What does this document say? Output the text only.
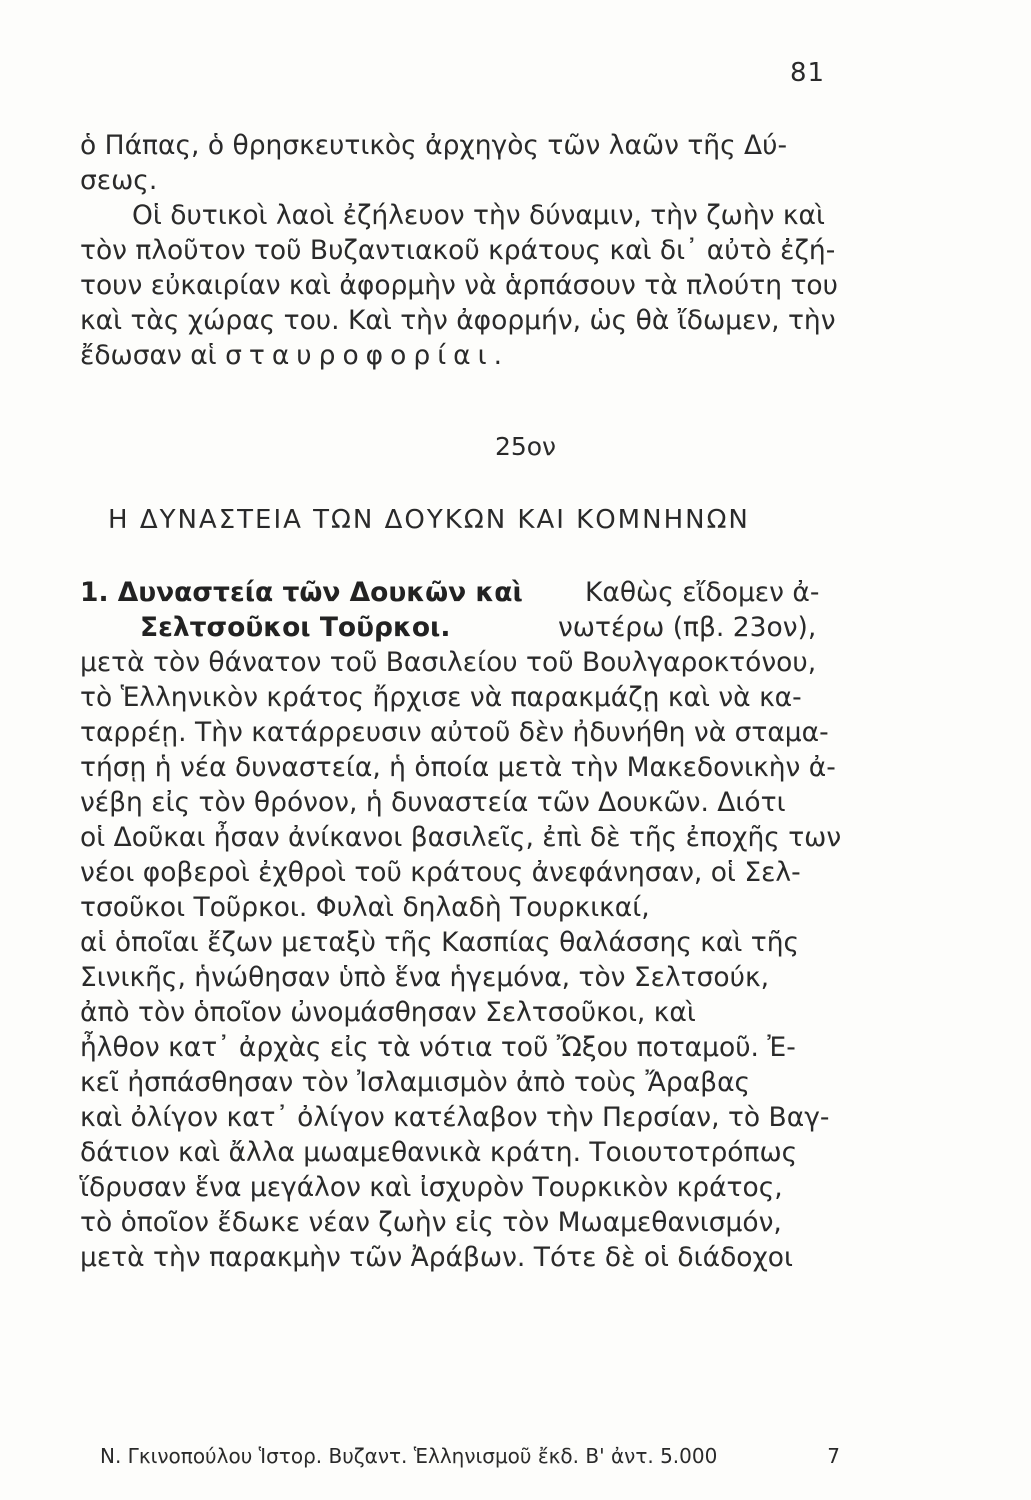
81
ὁ Πάπας, ὁ θρησκευτικὸς ἀρχηγὸς τῶν λαῶν τῆς Δύ-
σεως.
Οἱ δυτικοὶ λαοὶ ἐζήλευον τὴν δύναμιν, τὴν ζωὴν καὶ
τὸν πλοῦτον τοῦ Βυζαντιακοῦ κράτους καὶ δι᾽ αὐτὸ ἐζή-
τουν εὐκαιρίαν καὶ ἀφορμὴν νὰ ἁρπάσουν τὰ πλούτη του
καὶ τὰς χώρας του. Καὶ τὴν ἀφορμήν, ὡς θὰ ἴδωμεν, τὴν
ἔδωσαν αἱ σταυροφορίαι.
25ον
Η ΔΥΝΑΣΤΕΙΑ ΤΩΝ ΔΟΥΚΩΝ ΚΑΙ ΚΟΜΝΗΝΩΝ
1. Δυναστεία τῶν Δουκῶν καὶ	Καθὼς εἴδομεν ἀ-
Σελτσοῦκοι Τοῦρκοι.	νωτέρω (πβ. 23ον),
μετὰ τὸν θάνατον τοῦ Βασιλείου τοῦ Βουλγαροκτόνου,
τὸ Ἑλληνικὸν κράτος ἤρχισε νὰ παρακμάζῃ καὶ νὰ κα-
ταρρέῃ. Τὴν κατάρρευσιν αὐτοῦ δὲν ἠδυνήθη νὰ σταμα-
τήσῃ ἡ νέα δυναστεία, ἡ ὁποία μετὰ τὴν Μακεδονικὴν ἀ-
νέβη εἰς τὸν θρόνον, ἡ δυναστεία τῶν Δουκῶν. Διότι
οἱ Δοῦκαι ἦσαν ἀνίκανοι βασιλεῖς, ἐπὶ δὲ τῆς ἐποχῆς των
νέοι φοβεροὶ ἐχθροὶ τοῦ κράτους ἀνεφάνησαν, οἱ Σελ-
τσοῦκοι Τοῦρκοι. Φυλαὶ δηλαδὴ Τουρκικαί,
αἱ ὁποῖαι ἔζων μεταξὺ τῆς Κασπίας θαλάσσης καὶ τῆς
Σινικῆς, ἡνώθησαν ὑπὸ ἕνα ἡγεμόνα, τὸν Σελτσούκ,
ἀπὸ τὸν ὁποῖον ὠνομάσθησαν Σελτσοῦκοι, καὶ
ἦλθον κατ᾽ ἀρχὰς εἰς τὰ νότια τοῦ Ὤξου ποταμοῦ. Ἐ-
κεῖ ἠσπάσθησαν τὸν Ἰσλαμισμὸν ἀπὸ τοὺς Ἄραβας
καὶ ὀλίγον κατ᾽ ὀλίγον κατέλαβον τὴν Περσίαν, τὸ Βαγ-
δάτιον καὶ ἄλλα μωαμεθανικὰ κράτη. Τοιουτοτρόπως
ἵδρυσαν ἕνα μεγάλον καὶ ἰσχυρὸν Τουρκικὸν κράτος,
τὸ ὁποῖον ἔδωκε νέαν ζωὴν εἰς τὸν Μωαμεθανισμόν,
μετὰ τὴν παρακμὴν τῶν Ἀράβων. Τότε δὲ οἱ διάδοχοι
Ν. Γκινοπούλου Ἱστορ. Βυζαντ. Ἑλληνισμοῦ ἔκδ. Β' ἀντ. 5.000	7
